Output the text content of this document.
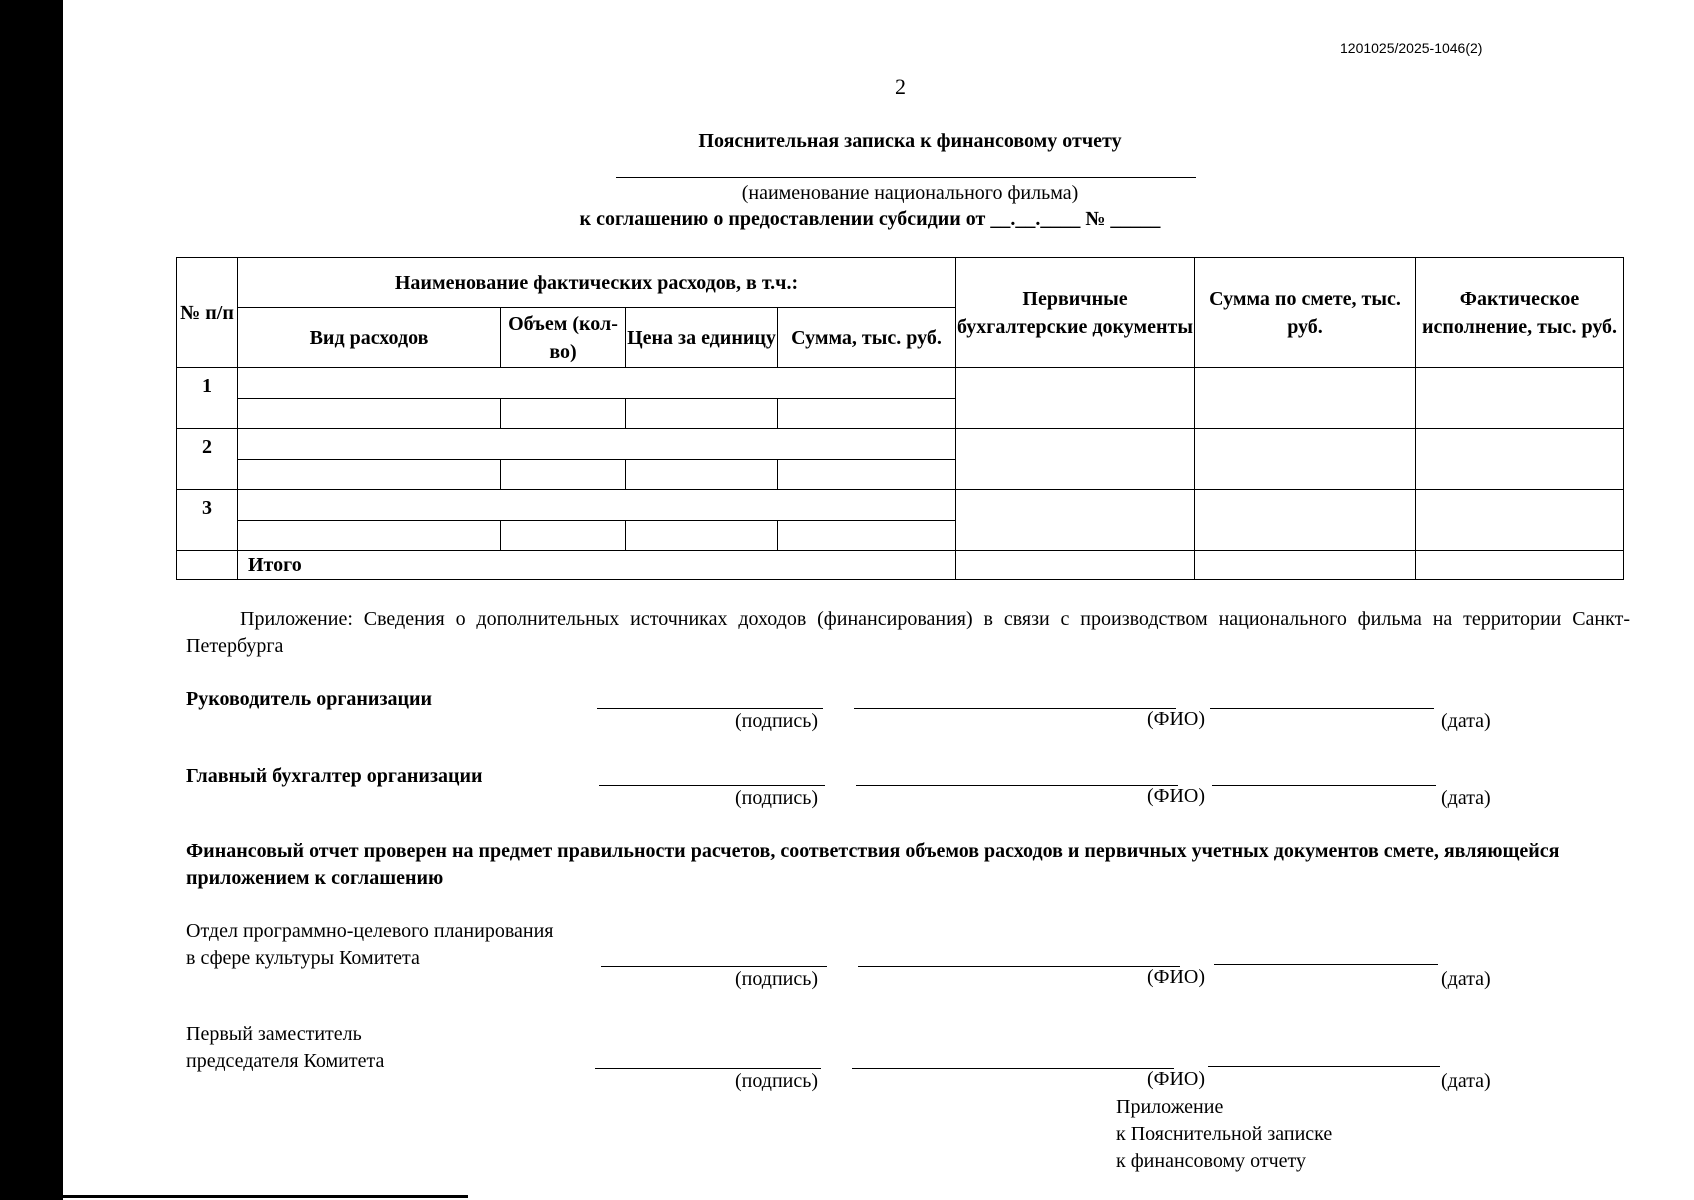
1201025/2025-1046(2)
2
Пояснительная записка к финансовому отчету
(наименование национального фильма)
к соглашению о предоставлении субсидии от __.__.____ № _____
№ п/п	Наименование фактических расходов, в т.ч.:				Первичные бухгалтерские документы	Сумма по смете, тыс. руб.	Фактическое исполнение, тыс. руб.
	Вид расходов	Объем (кол-во)	Цена за единицу	Сумма, тыс. руб.			
1							

2							

3							

	Итого						
Приложение: Сведения о дополнительных источниках доходов (финансирования) в связи с производством национального фильма на территории Санкт-Петербурга
Руководитель организации
(подпись)	(ФИО)	(дата)
Главный бухгалтер организации
(подпись)	(ФИО)	(дата)
Финансовый отчет проверен на предмет правильности расчетов, соответствия объемов расходов и первичных учетных документов смете, являющейся приложением к соглашению
Отдел программно-целевого планирования
в сфере культуры Комитета
(подпись)	(ФИО)	(дата)
Первый заместитель
председателя Комитета
(подпись)	(ФИО)	(дата)
Приложение
к Пояснительной записке
к финансовому отчету
